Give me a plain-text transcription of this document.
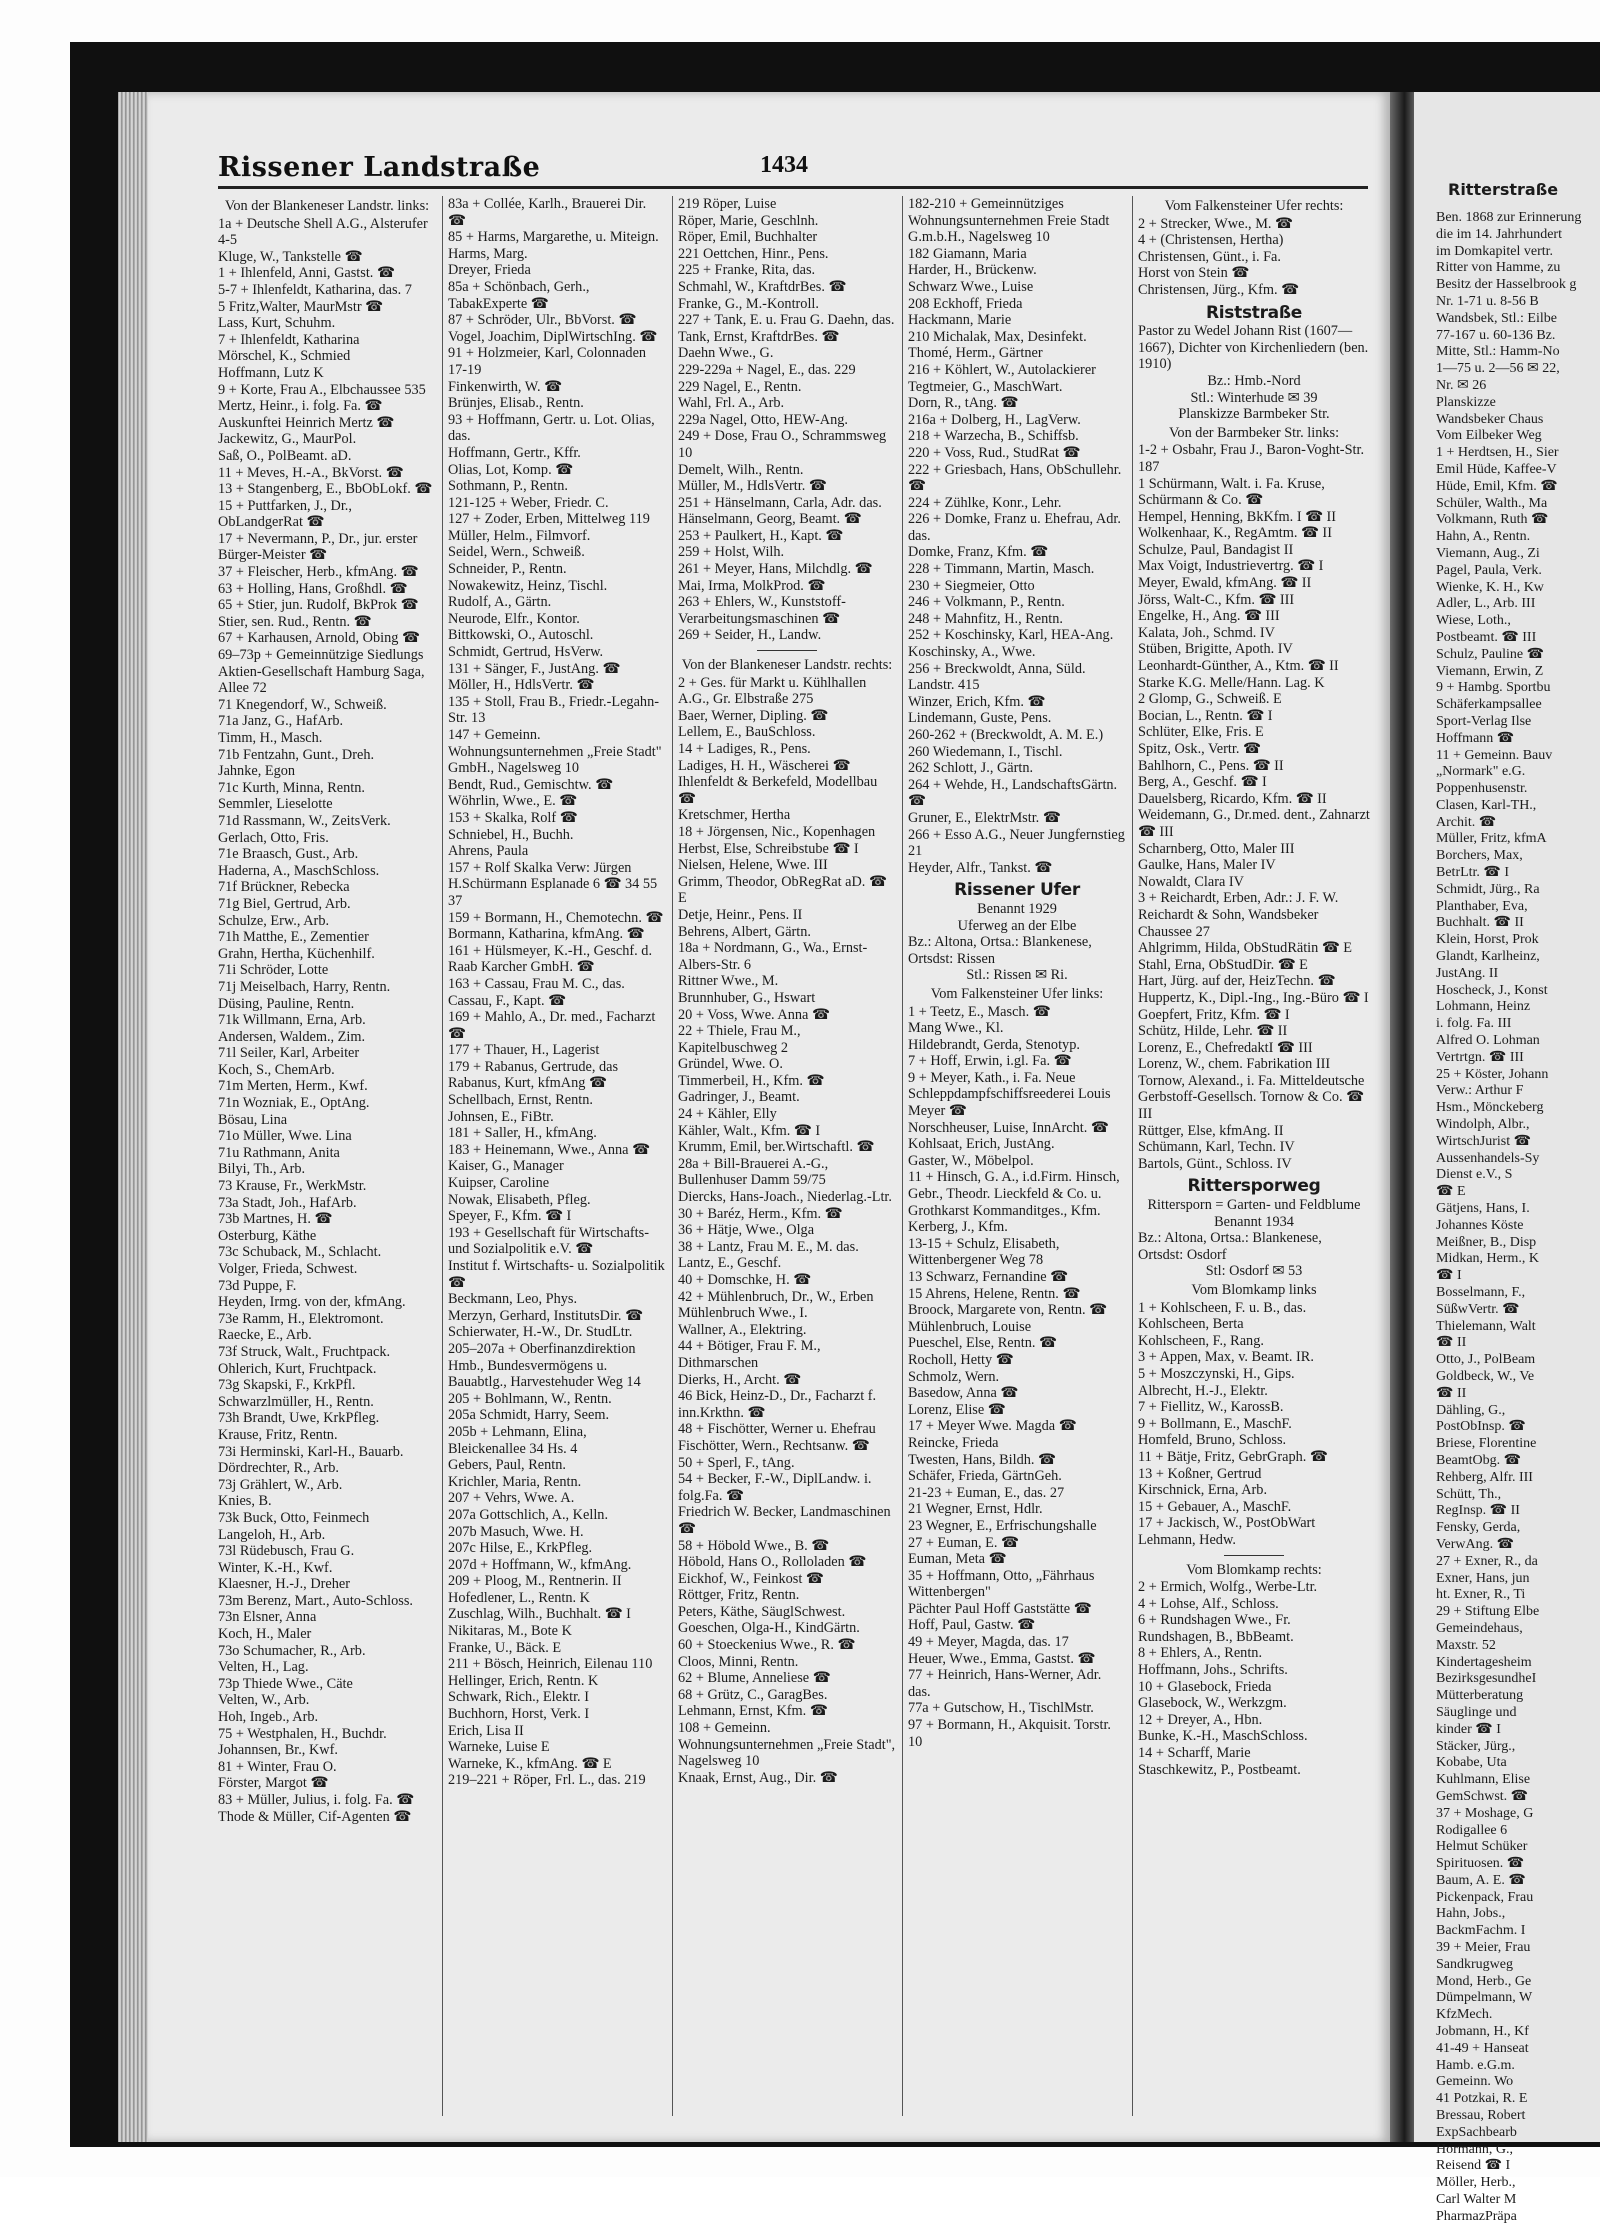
Rissener Landstraße	1434
Von der Blankeneser Landstr. links:
1a + Deutsche Shell A.G., Alsterufer 4-5
Kluge, W., Tankstelle ☎
1 + Ihlenfeld, Anni, Gastst. ☎
5-7 + Ihlenfeldt, Katharina, das. 7
5 Fritz,Walter, MaurMstr ☎
Lass, Kurt, Schuhm.
7 + Ihlenfeldt, Katharina
Mörschel, K., Schmied
Hoffmann, Lutz K
9 + Korte, Frau A., Elbchaussee 535
Mertz, Heinr., i. folg. Fa. ☎
Auskunftei Heinrich Mertz ☎
Jackewitz, G., MaurPol.
Saß, O., PolBeamt. aD.
11 + Meves, H.-A., BkVorst. ☎
13 + Stangenberg, E., BbObLokf. ☎
15 + Puttfarken, J., Dr., ObLandgerRat ☎
17 + Nevermann, P., Dr., jur. erster Bürger-Meister ☎
37 + Fleischer, Herb., kfmAng. ☎
63 + Holling, Hans, Großhdl. ☎
65 + Stier, jun. Rudolf, BkProk ☎
Stier, sen. Rud., Rentn. ☎
67 + Karhausen, Arnold, Obing ☎
69–73p + Gemeinnützige Siedlungs Aktien-Gesellschaft Hamburg Saga, Allee 72
71 Knegendorf, W., Schweiß.
71a Janz, G., HafArb.
Timm, H., Masch.
71b Fentzahn, Gunt., Dreh.
Jahnke, Egon
71c Kurth, Minna, Rentn.
Semmler, Lieselotte
71d Rassmann, W., ZeitsVerk.
Gerlach, Otto, Fris.
71e Braasch, Gust., Arb.
Haderna, A., MaschSchloss.
71f Brückner, Rebecka
71g Biel, Gertrud, Arb.
Schulze, Erw., Arb.
71h Matthe, E., Zementier
Grahn, Hertha, Küchenhilf.
71i Schröder, Lotte
71j Meiselbach, Harry, Rentn.
Düsing, Pauline, Rentn.
71k Willmann, Erna, Arb.
Andersen, Waldem., Zim.
71l Seiler, Karl, Arbeiter
Koch, S., ChemArb.
71m Merten, Herm., Kwf.
71n Wozniak, E., OptAng.
Bösau, Lina
71o Müller, Wwe. Lina
71u Rathmann, Anita
Bilyi, Th., Arb.
73 Krause, Fr., WerkMstr.
73a Stadt, Joh., HafArb.
73b Martnes, H. ☎
Osterburg, Käthe
73c Schuback, M., Schlacht.
Volger, Frieda, Schwest.
73d Puppe, F.
Heyden, Irmg. von der, kfmAng.
73e Ramm, H., Elektromont.
Raecke, E., Arb.
73f Struck, Walt., Fruchtpack.
Ohlerich, Kurt, Fruchtpack.
73g Skapski, F., KrkPfl.
Schwarzlmüller, H., Rentn.
73h Brandt, Uwe, KrkPfleg.
Krause, Fritz, Rentn.
73i Herminski, Karl-H., Bauarb.
Dördrechter, R., Arb.
73j Grählert, W., Arb.
Knies, B.
73k Buck, Otto, Feinmech
Langeloh, H., Arb.
73l Rüdebusch, Frau G.
Winter, K.-H., Kwf.
Klaesner, H.-J., Dreher
73m Berenz, Mart., Auto-Schloss.
73n Elsner, Anna
Koch, H., Maler
73o Schumacher, R., Arb.
Velten, H., Lag.
73p Thiede Wwe., Cäte
Velten, W., Arb.
Hoh, Ingeb., Arb.
75 + Westphalen, H., Buchdr.
Johannsen, Br., Kwf.
81 + Winter, Frau O.
Förster, Margot ☎
83 + Müller, Julius, i. folg. Fa. ☎
Thode & Müller, Cif-Agenten ☎
83a + Collée, Karlh., Brauerei Dir. ☎
85 + Harms, Margarethe, u. Miteign.
Harms, Marg.
Dreyer, Frieda
85a + Schönbach, Gerh., TabakExperte ☎
87 + Schröder, Ulr., BbVorst. ☎
Vogel, Joachim, DiplWirtschIng. ☎
91 + Holzmeier, Karl, Colonnaden 17-19
Finkenwirth, W. ☎
Brünjes, Elisab., Rentn.
93 + Hoffmann, Gertr. u. Lot. Olias, das.
Hoffmann, Gertr., Kffr.
Olias, Lot, Komp. ☎
Sothmann, P., Rentn.
121-125 + Weber, Friedr. C.
127 + Zoder, Erben, Mittelweg 119
Müller, Helm., Filmvorf.
Seidel, Wern., Schweiß.
Schneider, P., Rentn.
Nowakewitz, Heinz, Tischl.
Rudolf, A., Gärtn.
Neurode, Elfr., Kontor.
Bittkowski, O., Autoschl.
Schmidt, Gertrud, HsVerw.
131 + Sänger, F., JustAng. ☎
Möller, H., HdlsVertr. ☎
135 + Stoll, Frau B., Friedr.-Legahn-Str. 13
147 + Gemeinn. Wohnungsunternehmen „Freie Stadt" GmbH., Nagelsweg 10
Bendt, Rud., Gemischtw. ☎
Wöhrlin, Wwe., E. ☎
153 + Skalka, Rolf ☎
Schniebel, H., Buchh.
Ahrens, Paula
157 + Rolf Skalka Verw: Jürgen H.Schürmann Esplanade 6 ☎ 34 55 37
159 + Bormann, H., Chemotechn. ☎
Bormann, Katharina, kfmAng. ☎
161 + Hülsmeyer, K.-H., Geschf. d. Raab Karcher GmbH. ☎
163 + Cassau, Frau M. C., das.
Cassau, F., Kapt. ☎
169 + Mahlo, A., Dr. med., Facharzt ☎
177 + Thauer, H., Lagerist
179 + Rabanus, Gertrude, das
Rabanus, Kurt, kfmAng ☎
Schellbach, Ernst, Rentn.
Johnsen, E., FiBtr.
181 + Saller, H., kfmAng.
183 + Heinemann, Wwe., Anna ☎
Kaiser, G., Manager
Kuipser, Caroline
Nowak, Elisabeth, Pfleg.
Speyer, F., Kfm. ☎ I
193 + Gesellschaft für Wirtschafts- und Sozialpolitik e.V. ☎
Institut f. Wirtschafts- u. Sozialpolitik ☎
Beckmann, Leo, Phys.
Merzyn, Gerhard, InstitutsDir. ☎
Schierwater, H.-W., Dr. StudLtr.
205–207a + Oberfinanzdirektion Hmb., Bundesvermögens u. Bauabtlg., Harvestehuder Weg 14
205 + Bohlmann, W., Rentn.
205a Schmidt, Harry, Seem.
205b + Lehmann, Elina, Bleickenallee 34 Hs. 4
Gebers, Paul, Rentn.
Krichler, Maria, Rentn.
207 + Vehrs, Wwe. A.
207a Gottschlich, A., Kelln.
207b Masuch, Wwe. H.
207c Hilse, E., KrkPfleg.
207d + Hoffmann, W., kfmAng.
209 + Ploog, M., Rentnerin. II
Hofedlener, L., Rentn. K
Zuschlag, Wilh., Buchhalt. ☎ I
Nikitaras, M., Bote K
Franke, U., Bäck. E
211 + Bösch, Heinrich, Eilenau 110
Hellinger, Erich, Rentn. K
Schwark, Rich., Elektr. I
Buchhorn, Horst, Verk. I
Erich, Lisa II
Warneke, Luise E
Warneke, K., kfmAng. ☎ E
219–221 + Röper, Frl. L., das. 219
219 Röper, Luise
Röper, Marie, Geschlnh.
Röper, Emil, Buchhalter
221 Oettchen, Hinr., Pens.
225 + Franke, Rita, das.
Schmahl, W., KraftdrBes. ☎
Franke, G., M.-Kontroll.
227 + Tank, E. u. Frau G. Daehn, das.
Tank, Ernst, KraftdrBes. ☎
Daehn Wwe., G.
229-229a + Nagel, E., das. 229
229 Nagel, E., Rentn.
Wahl, Frl. A., Arb.
229a Nagel, Otto, HEW-Ang.
249 + Dose, Frau O., Schrammsweg 10
Demelt, Wilh., Rentn.
Müller, M., HdlsVertr. ☎
251 + Hänselmann, Carla, Adr. das.
Hänselmann, Georg, Beamt. ☎
253 + Paulkert, H., Kapt. ☎
259 + Holst, Wilh.
261 + Meyer, Hans, Milchdlg. ☎
Mai, Irma, MolkProd. ☎
263 + Ehlers, W., Kunststoff-Verarbeitungsmaschinen ☎
269 + Seider, H., Landw.
Von der Blankeneser Landstr. rechts:
2 + Ges. für Markt u. Kühlhallen A.G., Gr. Elbstraße 275
Baer, Werner, Dipling. ☎
Lellem, E., BauSchloss.
14 + Ladiges, R., Pens.
Ladiges, H. H., Wäscherei ☎
Ihlenfeldt & Berkefeld, Modellbau ☎
Kretschmer, Hertha
18 + Jörgensen, Nic., Kopenhagen
Herbst, Else, Schreibstube ☎ I
Nielsen, Helene, Wwe. III
Grimm, Theodor, ObRegRat aD. ☎ E
Detje, Heinr., Pens. II
Behrens, Albert, Gärtn.
18a + Nordmann, G., Wa., Ernst-Albers-Str. 6
Rittner Wwe., M.
Brunnhuber, G., Hswart
20 + Voss, Wwe. Anna ☎
22 + Thiele, Frau M., Kapitelbuschweg 2
Gründel, Wwe. O.
Timmerbeil, H., Kfm. ☎
Gadringer, J., Beamt.
24 + Kähler, Elly
Kähler, Walt., Kfm. ☎ I
Krumm, Emil, ber.Wirtschaftl. ☎
28a + Bill-Brauerei A.-G., Bullenhuser Damm 59/75
Diercks, Hans-Joach., Niederlag.-Ltr.
30 + Baréz, Herm., Kfm. ☎
36 + Hätje, Wwe., Olga
38 + Lantz, Frau M. E., M. das.
Lantz, E., Geschf.
40 + Domschke, H. ☎
42 + Mühlenbruch, Dr., W., Erben
Mühlenbruch Wwe., I.
Wallner, A., Elektring.
44 + Bötiger, Frau F. M., Dithmarschen
Dierks, H., Archt. ☎
46 Bick, Heinz-D., Dr., Facharzt f. inn.Krkthn. ☎
48 + Fischötter, Werner u. Ehefrau
Fischötter, Wern., Rechtsanw. ☎
50 + Sperl, F., tAng.
54 + Becker, F.-W., DiplLandw. i. folg.Fa. ☎
Friedrich W. Becker, Landmaschinen ☎
58 + Höbold Wwe., B. ☎
Höbold, Hans O., Rolloladen ☎
Eickhof, W., Feinkost ☎
Röttger, Fritz, Rentn.
Peters, Käthe, SäuglSchwest.
Goeschen, Olga-H., KindGärtn.
60 + Stoeckenius Wwe., R. ☎
Cloos, Minni, Rentn.
62 + Blume, Anneliese ☎
68 + Grütz, C., GaragBes.
Lehmann, Ernst, Kfm. ☎
108 + Gemeinn. Wohnungsunternehmen „Freie Stadt", Nagelsweg 10
Knaak, Ernst, Aug., Dir. ☎
182-210 + Gemeinnütziges Wohnungsunternehmen Freie Stadt G.m.b.H., Nagelsweg 10
182 Giamann, Maria
Harder, H., Brückenw.
Schwarz Wwe., Luise
208 Eckhoff, Frieda
Hackmann, Marie
210 Michalak, Max, Desinfekt.
Thomé, Herm., Gärtner
216 + Köhlert, W., Autolackierer
Tegtmeier, G., MaschWart.
Dorn, R., tAng. ☎
216a + Dolberg, H., LagVerw.
218 + Warzecha, B., Schiffsb.
220 + Voss, Rud., StudRat ☎
222 + Griesbach, Hans, ObSchullehr. ☎
224 + Zühlke, Konr., Lehr.
226 + Domke, Franz u. Ehefrau, Adr. das.
Domke, Franz, Kfm. ☎
228 + Timmann, Martin, Masch.
230 + Siegmeier, Otto
246 + Volkmann, P., Rentn.
248 + Mahnfitz, H., Rentn.
252 + Koschinsky, Karl, HEA-Ang.
Koschinsky, A., Wwe.
256 + Breckwoldt, Anna, Süld. Landstr. 415
Winzer, Erich, Kfm. ☎
Lindemann, Guste, Pens.
260-262 + (Breckwoldt, A. M. E.)
260 Wiedemann, I., Tischl.
262 Schlott, J., Gärtn.
264 + Wehde, H., LandschaftsGärtn. ☎
Gruner, E., ElektrMstr. ☎
266 + Esso A.G., Neuer Jungfernstieg 21
Heyder, Alfr., Tankst. ☎
Rissener Ufer
Benannt 1929
Uferweg an der Elbe
Bz.: Altona, Ortsa.: Blankenese, Ortsdst: Rissen
Stl.: Rissen ✉ Ri.
Vom Falkensteiner Ufer links:
1 + Teetz, E., Masch. ☎
Mang Wwe., Kl.
Hildebrandt, Gerda, Stenotyp.
7 + Hoff, Erwin, i.gl. Fa. ☎
9 + Meyer, Kath., i. Fa. Neue Schleppdampfschiffsreederei Louis Meyer ☎
Norschheuser, Luise, InnArcht. ☎
Kohlsaat, Erich, JustAng.
Gaster, W., Möbelpol.
11 + Hinsch, G. A., i.d.Firm. Hinsch, Gebr., Theodr. Lieckfeld & Co. u. Grothkarst Kommanditges., Kfm.
Kerberg, J., Kfm.
13-15 + Schulz, Elisabeth, Wittenbergener Weg 78
13 Schwarz, Fernandine ☎
15 Ahrens, Helene, Rentn. ☎
Broock, Margarete von, Rentn. ☎
Mühlenbruch, Louise
Pueschel, Else, Rentn. ☎
Rocholl, Hetty ☎
Schmolz, Wern.
Basedow, Anna ☎
Lorenz, Elise ☎
17 + Meyer Wwe. Magda ☎
Reincke, Frieda
Twesten, Hans, Bildh. ☎
Schäfer, Frieda, GärtnGeh.
21-23 + Euman, E., das. 27
21 Wegner, Ernst, Hdlr.
23 Wegner, E., Erfrischungshalle
27 + Euman, E. ☎
Euman, Meta ☎
35 + Hoffmann, Otto, „Fährhaus Wittenbergen"
Pächter Paul Hoff Gaststätte ☎
Hoff, Paul, Gastw. ☎
49 + Meyer, Magda, das. 17
Heuer, Wwe., Emma, Gastst. ☎
77 + Heinrich, Hans-Werner, Adr. das.
77a + Gutschow, H., TischlMstr.
97 + Bormann, H., Akquisit. Torstr. 10
Vom Falkensteiner Ufer rechts:
2 + Strecker, Wwe., M. ☎
4 + (Christensen, Hertha)
Christensen, Günt., i. Fa.
Horst von Stein ☎
Christensen, Jürg., Kfm. ☎
Riststraße
Pastor zu Wedel Johann Rist (1607—1667), Dichter von Kirchenliedern (ben. 1910)
Bz.: Hmb.-Nord
Stl.: Winterhude ✉ 39
Planskizze Barmbeker Str.
Von der Barmbeker Str. links:
1-2 + Osbahr, Frau J., Baron-Voght-Str. 187
1 Schürmann, Walt. i. Fa. Kruse, Schürmann & Co. ☎
Hempel, Henning, BkKfm. I ☎ II
Wolkenhaar, K., RegAmtm. ☎ II
Schulze, Paul, Bandagist II
Max Voigt, Industrievertrg. ☎ I
Meyer, Ewald, kfmAng. ☎ II
Jörss, Walt-C., Kfm. ☎ III
Engelke, H., Ang. ☎ III
Kalata, Joh., Schmd. IV
Stüben, Brigitte, Apoth. IV
Leonhardt-Günther, A., Ktm. ☎ II
Starke K.G. Melle/Hann. Lag. K
2 Glomp, G., Schweiß. E
Bocian, L., Rentn. ☎ I
Schlüter, Elke, Fris. E
Spitz, Osk., Vertr. ☎
Bahlhorn, C., Pens. ☎ II
Berg, A., Geschf. ☎ I
Dauelsberg, Ricardo, Kfm. ☎ II
Weidemann, G., Dr.med. dent., Zahnarzt ☎ III
Scharnberg, Otto, Maler III
Gaulke, Hans, Maler IV
Nowaldt, Clara IV
3 + Reichardt, Erben, Adr.: J. F. W. Reichardt & Sohn, Wandsbeker Chaussee 27
Ahlgrimm, Hilda, ObStudRätin ☎ E
Stahl, Erna, ObStudDir. ☎ E
Hart, Jürg. auf der, HeizTechn. ☎
Huppertz, K., Dipl.-Ing., Ing.-Büro ☎ I
Goepfert, Fritz, Kfm. ☎ I
Schütz, Hilde, Lehr. ☎ II
Lorenz, E., ChefredaktI ☎ III
Lorenz, W., chem. Fabrikation III
Tornow, Alexand., i. Fa. Mitteldeutsche Gerbstoff-Gesellsch. Tornow & Co. ☎ III
Rüttger, Else, kfmAng. II
Schümann, Karl, Techn. IV
Bartols, Günt., Schloss. IV
Rittersporweg
Rittersporn = Garten- und Feldblume
Benannt 1934
Bz.: Altona, Ortsa.: Blankenese, Ortsdst: Osdorf
Stl: Osdorf ✉ 53
Vom Blomkamp links
1 + Kohlscheen, F. u. B., das.
Kohlscheen, Berta
Kohlscheen, F., Rang.
3 + Appen, Max, v. Beamt. IR.
5 + Moszczynski, H., Gips.
Albrecht, H.-J., Elektr.
7 + Fiellitz, W., KarossB.
9 + Bollmann, E., MaschF.
Homfeld, Bruno, Schloss.
11 + Bätje, Fritz, GebrGraph. ☎
13 + Koßner, Gertrud
Kirschnick, Erna, Arb.
15 + Gebauer, A., MaschF.
17 + Jackisch, W., PostObWart
Lehmann, Hedw.
Vom Blomkamp rechts:
2 + Ermich, Wolfg., Werbe-Ltr.
4 + Lohse, Alf., Schloss.
6 + Rundshagen Wwe., Fr.
Rundshagen, B., BbBeamt.
8 + Ehlers, A., Rentn.
Hoffmann, Johs., Schrifts.
10 + Glasebock, Frieda
Glasebock, W., Werkzgm.
12 + Dreyer, A., Hbn.
Bunke, K.-H., MaschSchloss.
14 + Scharff, Marie
Staschkewitz, P., Postbeamt.
Ritterstraße
Ben. 1868 zur Erinnerung
die im 14. Jahrhundert
im Domkapitel vertr.
Ritter von Hamme, zu
Besitz der Hasselbrook g
Nr. 1-71 u. 8-56 B
Wandsbek, Stl.: Eilbe
77-167 u. 60-136 Bz.
Mitte, Stl.: Hamm-No
1—75 u. 2—56 ✉ 22,
Nr. ✉ 26
Planskizze
Wandsbeker Chaus
Vom Eilbeker Weg
1 + Herdtsen, H., Sier
Emil Hüde, Kaffee-V
Hüde, Emil, Kfm. ☎
Schüler, Walth., Ma
Volkmann, Ruth ☎
Hahn, A., Rentn.
Viemann, Aug., Zi
Pagel, Paula, Verk.
Wienke, K. H., Kw
Adler, L., Arb. III
Wiese, Loth.,
Postbeamt. ☎ III
Schulz, Pauline ☎
Viemann, Erwin, Z
9 + Hambg. Sportbu
Schäferkampsallee
Sport-Verlag Ilse
Hoffmann ☎
11 + Gemeinn. Bauv
„Normark" e.G.
Poppenhusenstr.
Clasen, Karl-TH.,
Archit. ☎
Müller, Fritz, kfmA
Borchers, Max,
BetrLtr. ☎ I
Schmidt, Jürg., Ra
Planthaber, Eva,
Buchhalt. ☎ II
Klein, Horst, Prok
Glandt, Karlheinz,
JustAng. II
Hoscheck, J., Konst
Lohmann, Heinz
i. folg. Fa. III
Alfred O. Lohman
Vertrtgn. ☎ III
25 + Köster, Johann
Verw.: Arthur F
Hsm., Mönckeberg
Windolph, Albr.,
WirtschJurist ☎
Aussenhandels-Sy
Dienst e.V., S
☎ E
Gätjens, Hans, I.
Johannes Köste
Meißner, B., Disp
Midkan, Herm., K
☎ I
Bosselmann, F.,
SüßwVertr. ☎
Thielemann, Walt
☎ II
Otto, J., PolBeam
Goldbeck, W., Ve
☎ II
Dähling, G.,
PostObInsp. ☎
Briese, Florentine
BeamtObg. ☎
Rehberg, Alfr. III
Schütt, Th.,
RegInsp. ☎ II
Fensky, Gerda,
VerwAng. ☎
27 + Exner, R., da
Exner, Hans, jun
ht. Exner, R., Ti
29 + Stiftung Elbe
Gemeindehaus,
Maxstr. 52
Kindertagesheim
BezirksgesundheI
Mütterberatung
Säuglinge und
kinder ☎ I
Stäcker, Jürg.,
Kobabe, Uta
Kuhlmann, Elise
GemSchwst. ☎
37 + Moshage, G
Rodigallee 6
Helmut Schüker
Spirituosen. ☎
Baum, A. E. ☎
Pickenpack, Frau
Hahn, Jobs.,
BackmFachm. I
39 + Meier, Frau
Sandkrugweg
Mond, Herb., Ge
Dümpelmann, W
KfzMech.
Jobmann, H., Kf
41-49 + Hanseat
Hamb. e.G.m.
Gemeinn. Wo
41 Potzkai, R. E
Bressau, Robert
ExpSachbearb
Hormann, G.,
Reisend ☎ I
Möller, Herb.,
Carl Walter M
PharmazPräpa
